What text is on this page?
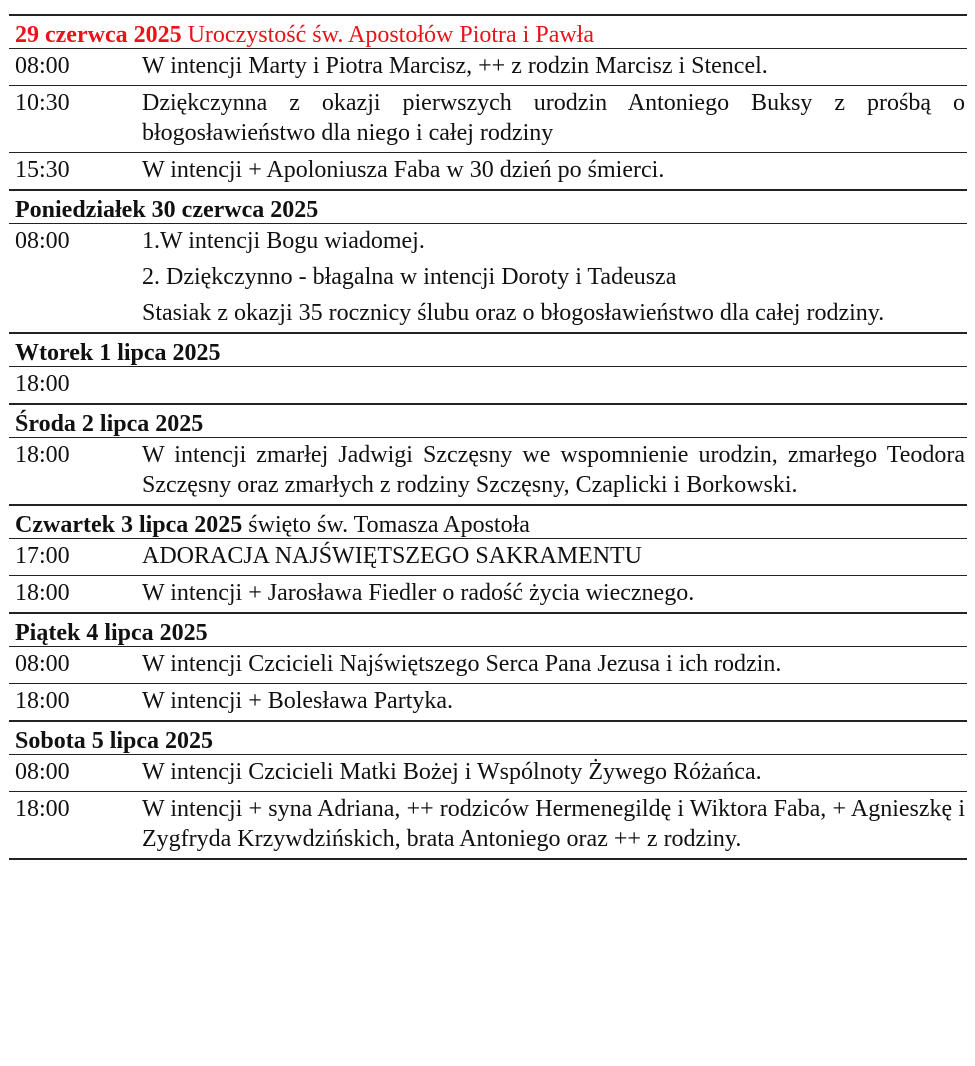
29 czerwca 2025 Uroczystość św. Apostołów Piotra i Pawła
08:00	W intencji Marty i Piotra Marcisz, ++ z rodzin Marcisz i Stencel.

10:30	Dziękczynna z okazji pierwszych urodzin Antoniego Buksy z prośbą o błogosławieństwo dla niego i całej rodziny

15:30	W intencji + Apoloniusza Faba w 30 dzień po śmierci.

Poniedziałek 30 czerwca 2025
08:00	1.W intencji Bogu wiadomej.

2. Dziękczynno - błagalna w intencji Doroty i Tadeusza

Stasiak z okazji 35 rocznicy ślubu oraz o błogosławieństwo dla całej rodziny.

Wtorek 1 lipca 2025
18:00
Środa 2 lipca 2025
18:00	W intencji zmarłej Jadwigi Szczęsny we wspomnienie urodzin, zmarłego Teodora Szczęsny oraz zmarłych z rodziny Szczęsny, Czaplicki i Borkowski.

Czwartek 3 lipca 2025 święto św. Tomasza Apostoła
17:00	ADORACJA NAJŚWIĘTSZEGO SAKRAMENTU

18:00	W intencji + Jarosława Fiedler o radość życia wiecznego.

Piątek 4 lipca 2025
08:00	W intencji Czcicieli Najświętszego Serca Pana Jezusa i ich rodzin.

18:00	W intencji + Bolesława Partyka.

Sobota 5 lipca 2025
08:00	W intencji Czcicieli Matki Bożej i Wspólnoty Żywego Różańca.

18:00	W intencji + syna Adriana, ++ rodziców Hermenegildę i Wiktora Faba, + Agnieszkę i Zygfryda Krzywdzińskich, brata Antoniego oraz ++ z rodziny.
